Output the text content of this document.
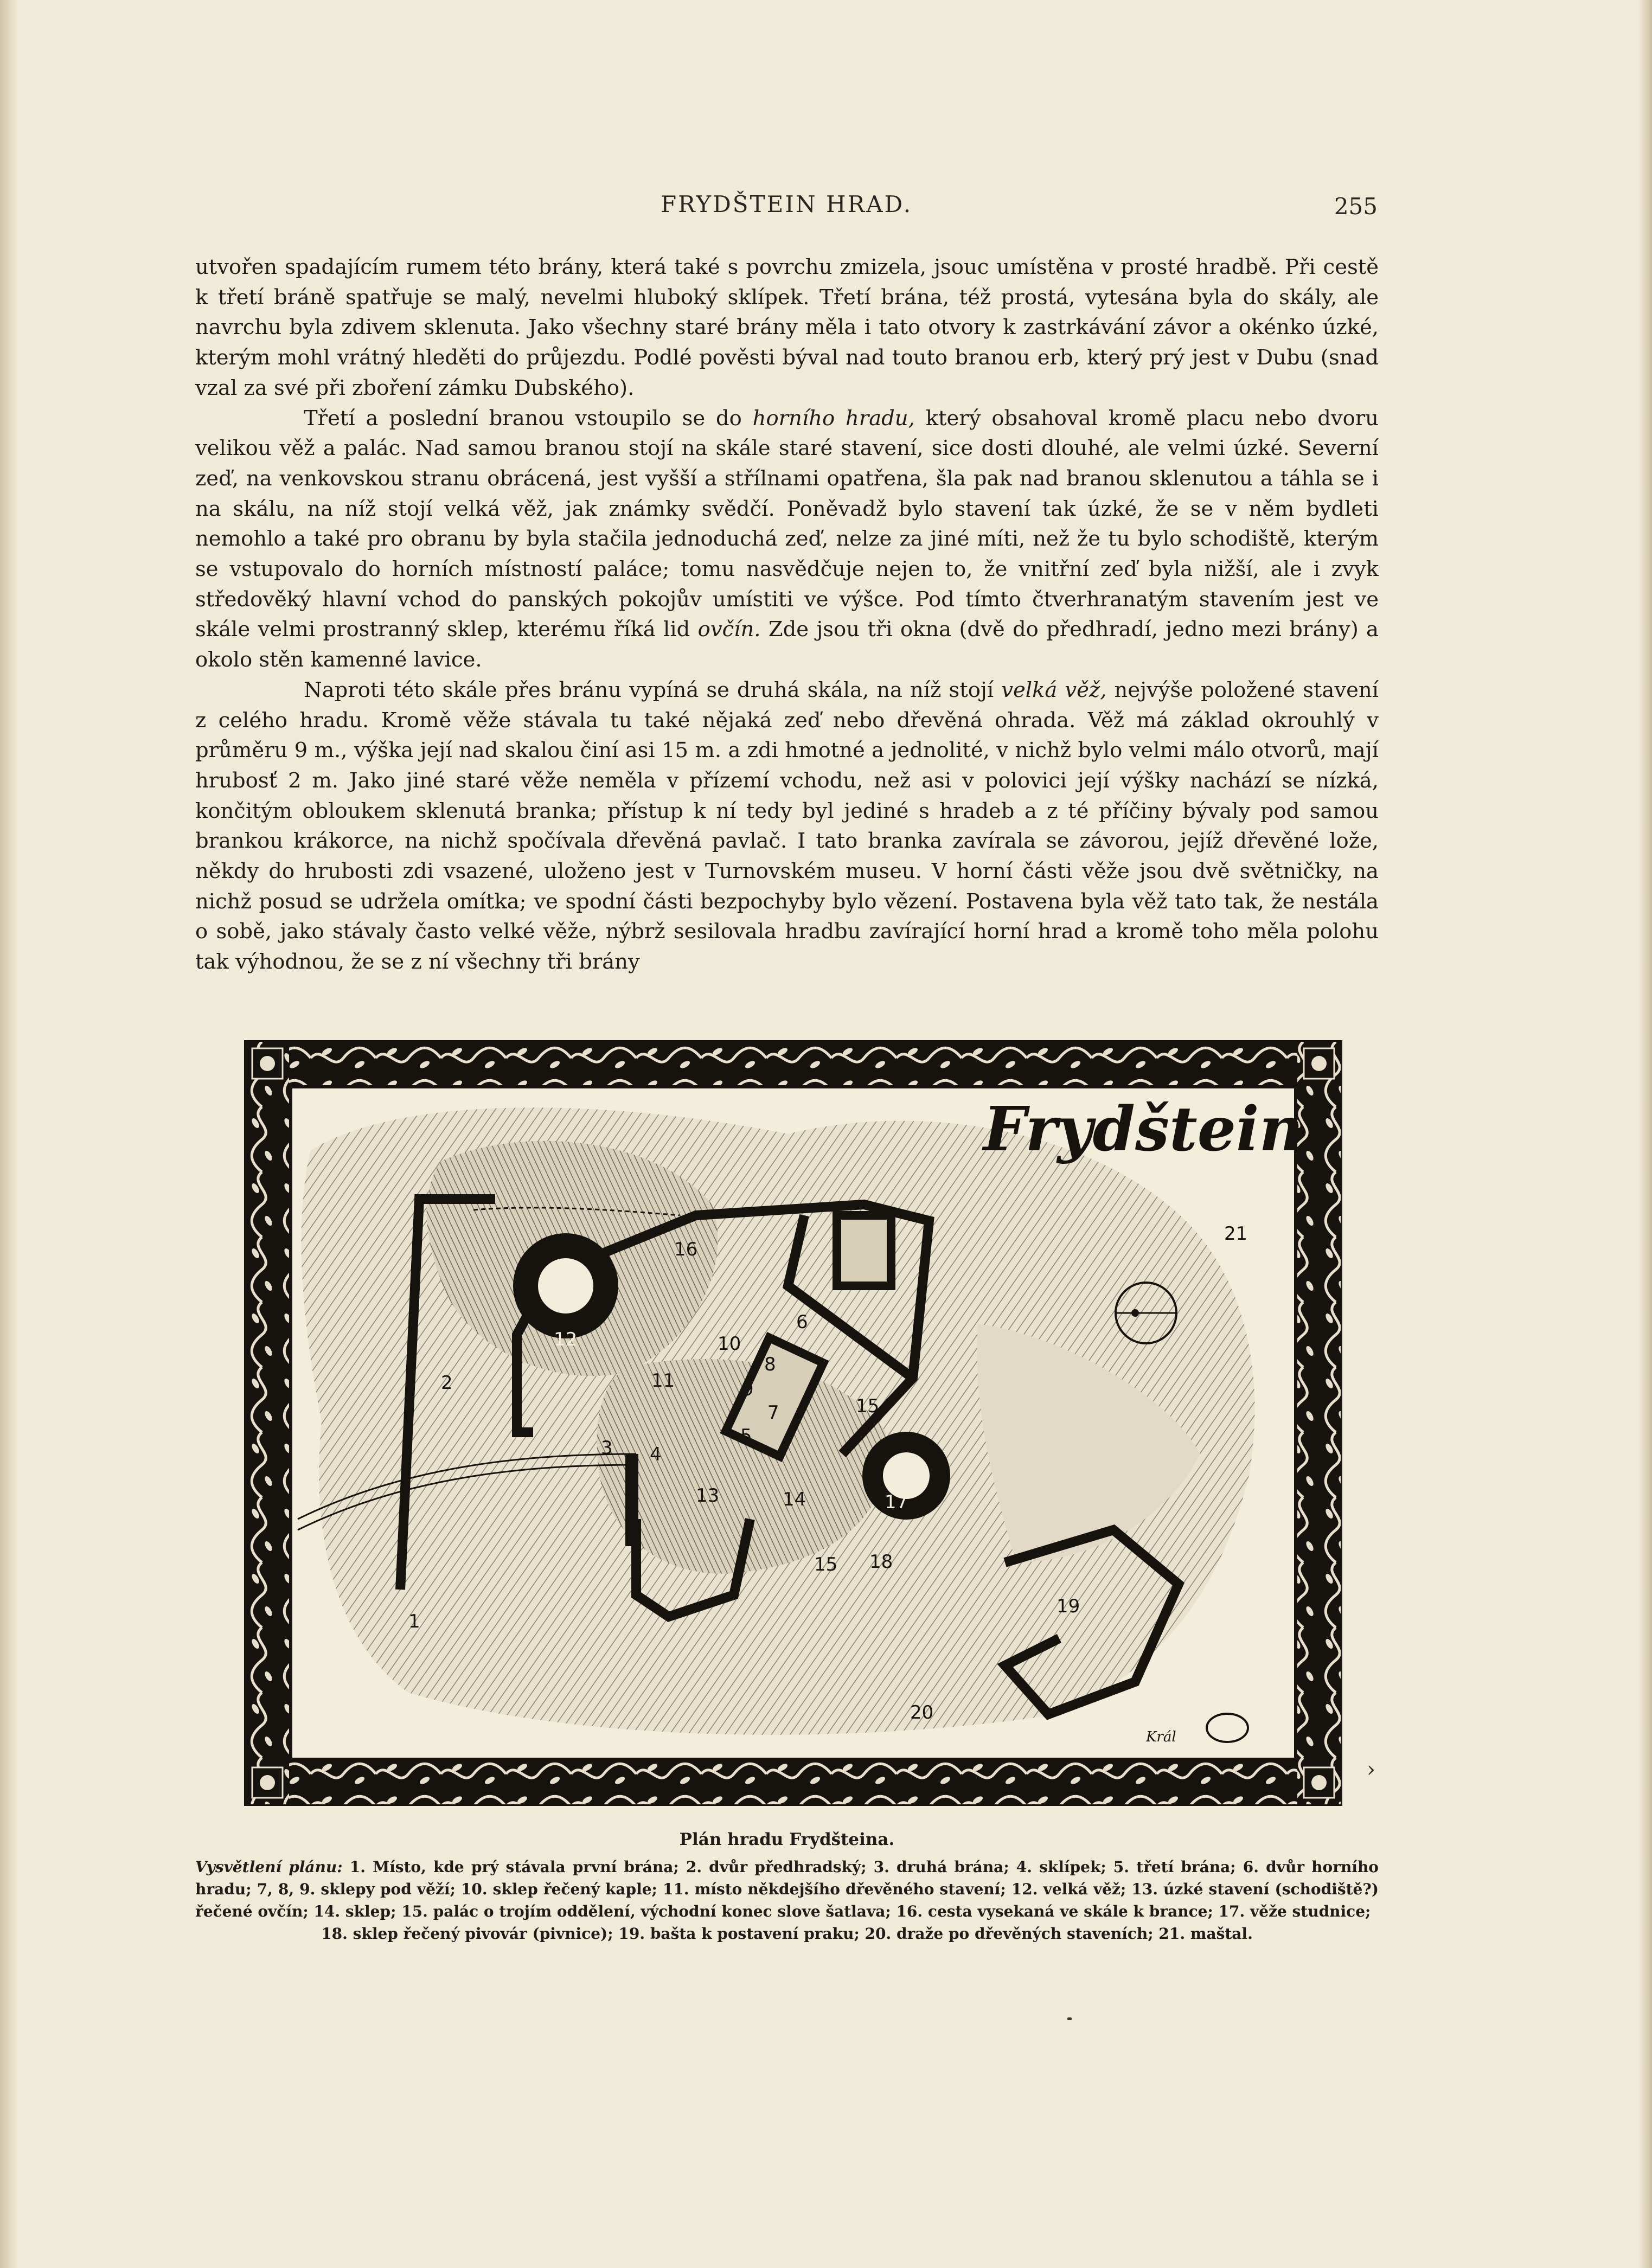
FRYDŠTEIN HRAD.	255

utvořen spadajícím rumem této brány, která také s povrchu zmizela, jsouc umístěna v prosté hradbě. Při cestě k třetí bráně spatřuje se malý, nevelmi hluboký sklípek. Třetí brána, též prostá, vytesána byla do skály, ale navrchu byla zdivem sklenuta. Jako všechny staré brány měla i tato otvory k zastrkávání závor a okénko úzké, kterým mohl vrátný hleděti do průjezdu. Podlé pověsti býval nad touto branou erb, který prý jest v Dubu (snad vzal za své při zboření zámku Dubského).

Třetí a poslední branou vstoupilo se do horního hradu, který obsahoval kromě placu nebo dvoru velikou věž a palác. Nad samou branou stojí na skále staré stavení, sice dosti dlouhé, ale velmi úzké. Severní zeď, na venkovskou stranu obrácená, jest vyšší a střílnami opatřena, šla pak nad branou sklenutou a táhla se i na skálu, na níž stojí velká věž, jak známky svědčí. Poněvadž bylo stavení tak úzké, že se v něm bydleti nemohlo a také pro obranu by byla stačila jednoduchá zeď, nelze za jiné míti, než že tu bylo schodiště, kterým se vstupovalo do horních místností paláce; tomu nasvědčuje nejen to, že vnitřní zeď byla nižší, ale i zvyk středověký hlavní vchod do panských pokojův umístiti ve výšce. Pod tímto čtverhranatým stavením jest ve skále velmi prostranný sklep, kterému říká lid ovčín. Zde jsou tři okna (dvě do předhradí, jedno mezi brány) a okolo stěn kamenné lavice.

Naproti této skále přes bránu vypíná se druhá skála, na níž stojí velká věž, nejvýše položené stavení z celého hradu. Kromě věže stávala tu také nějaká zeď nebo dřevěná ohrada. Věž má základ okrouhlý v průměru 9 m., výška její nad skalou činí asi 15 m. a zdi hmotné a jednolité, v nichž bylo velmi málo otvorů, mají hrubosť 2 m. Jako jiné staré věže neměla v přízemí vchodu, než asi v polovici její výšky nachází se nízká, končitým obloukem sklenutá branka; přístup k ní tedy byl jediné s hradeb a z té příčiny bývaly pod samou brankou krákorce, na nichž spočívala dřevěná pavlač. I tato branka zavírala se závorou, jejíž dřevěné lože, někdy do hrubosti zdi vsazené, uloženo jest v Turnovském museu. V horní části věže jsou dvě světničky, na nichž posud se udržela omítka; ve spodní části bezpochyby bylo vězení. Postavena byla věž tato tak, že nestála o sobě, jako stávaly často velké věže, nýbrž sesilovala hradbu zavírající horní hrad a kromě toho měla polohu tak výhodnou, že se z ní všechny tři brány

Frydštein
Král
1
2
3 4
5
6
7
8
9
10
11
12
13	14
15
15
16
17
18
19
20
21
›
Plán hradu Frydšteina.
Vysvětlení plánu: 1. Místo, kde prý stávala první brána; 2. dvůr předhradský; 3. druhá brána; 4. sklípek; 5. třetí brána; 6. dvůr horního hradu; 7, 8, 9. sklepy pod věží; 10. sklep řečený kaple; 11. místo někdejšího dřevěného stavení; 12. velká věž; 13. úzké stavení (schodiště?) řečené ovčín; 14. sklep; 15. palác o trojím oddělení, východní konec slove šatlava; 16. cesta vysekaná ve skále k brance; 17. věže studnice;
18. sklep řečený pivovár (pivnice); 19. bašta k postavení praku; 20. draže po dřevěných staveních; 21. maštal.
